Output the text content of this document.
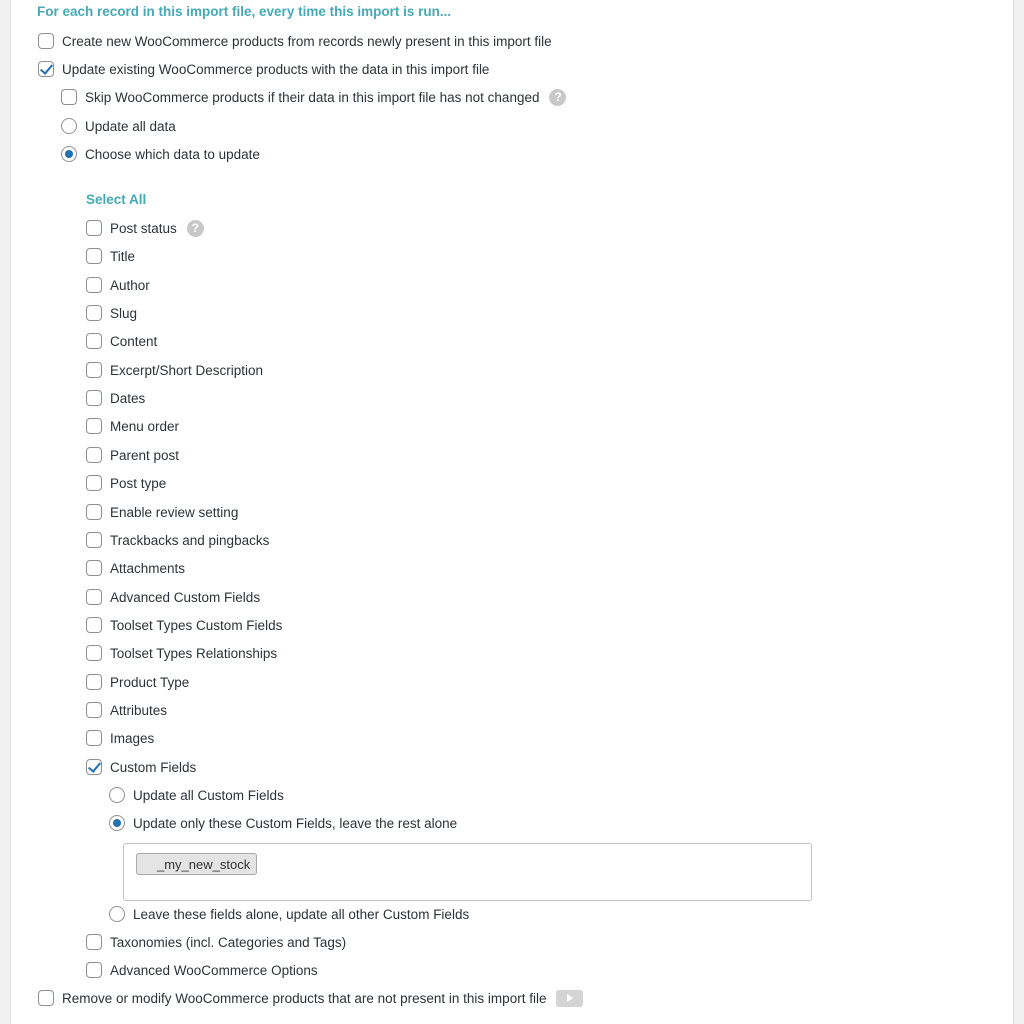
For each record in this import file, every time this import is run...
Create new WooCommerce products from records newly present in this import file
Update existing WooCommerce products with the data in this import file
Skip WooCommerce products if their data in this import file has not changed	?
Update all data
Choose which data to update
Select All
Post status	?
Title
Author
Slug
Content
Excerpt/Short Description
Dates
Menu order
Parent post
Post type
Enable review setting
Trackbacks and pingbacks
Attachments
Advanced Custom Fields
Toolset Types Custom Fields
Toolset Types Relationships
Product Type
Attributes
Images
Custom Fields
Update all Custom Fields
Update only these Custom Fields, leave the rest alone
_my_new_stock
Leave these fields alone, update all other Custom Fields
Taxonomies (incl. Categories and Tags)
Advanced WooCommerce Options
Remove or modify WooCommerce products that are not present in this import file
